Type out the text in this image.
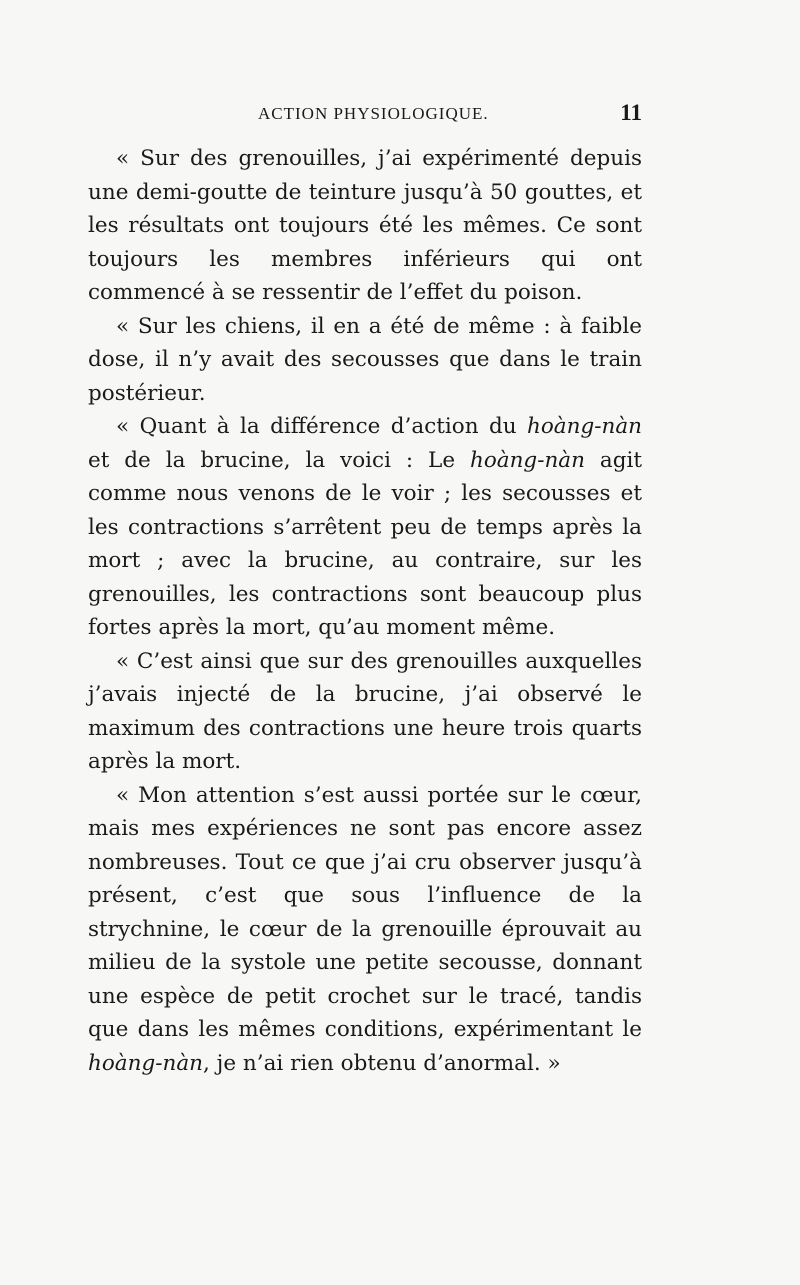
ACTION PHYSIOLOGIQUE.	11

« Sur des grenouilles, j’ai expérimenté depuis une demi-goutte de teinture jusqu’à 50 gouttes, et les résultats ont toujours été les mêmes. Ce sont toujours les membres inférieurs qui ont commencé à se ressentir de l’effet du poison.

« Sur les chiens, il en a été de même : à faible dose, il n’y avait des secousses que dans le train postérieur.

« Quant à la différence d’action du hoàng-nàn et de la brucine, la voici : Le hoàng-nàn agit comme nous venons de le voir ; les secousses et les contractions s’arrêtent peu de temps après la mort ; avec la brucine, au contraire, sur les grenouilles, les contractions sont beaucoup plus fortes après la mort, qu’au moment même.

« C’est ainsi que sur des grenouilles auxquelles j’avais injecté de la brucine, j’ai observé le maximum des contractions une heure trois quarts après la mort.

« Mon attention s’est aussi portée sur le cœur, mais mes expériences ne sont pas encore assez nombreuses. Tout ce que j’ai cru observer jusqu’à présent, c’est que sous l’influence de la strychnine, le cœur de la grenouille éprouvait au milieu de la systole une petite secousse, donnant une espèce de petit crochet sur le tracé, tandis que dans les mêmes conditions, expérimentant le hoàng-nàn, je n’ai rien obtenu d’anormal. »
